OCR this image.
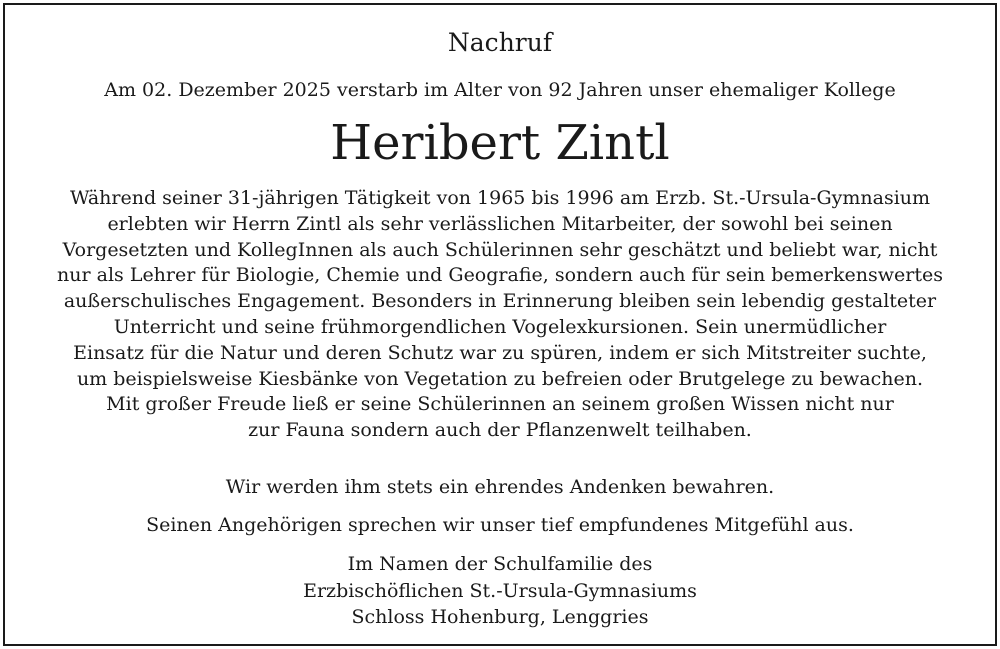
Nachruf

Am 02. Dezember 2025 verstarb im Alter von 92 Jahren unser ehemaliger Kollege

Heribert Zintl
Während seiner 31-jährigen Tätigkeit von 1965 bis 1996 am Erzb. St.-Ursula-Gymnasium
erlebten wir Herrn Zintl als sehr verlässlichen Mitarbeiter, der sowohl bei seinen
Vorgesetzten und KollegInnen als auch Schülerinnen sehr geschätzt und beliebt war, nicht
nur als Lehrer für Biologie, Chemie und Geografie, sondern auch für sein bemerkenswertes
außerschulisches Engagement. Besonders in Erinnerung bleiben sein lebendig gestalteter
Unterricht und seine frühmorgendlichen Vogelexkursionen. Sein unermüdlicher
Einsatz für die Natur und deren Schutz war zu spüren, indem er sich Mitstreiter suchte,
um beispielsweise Kiesbänke von Vegetation zu befreien oder Brutgelege zu bewachen.
Mit großer Freude ließ er seine Schülerinnen an seinem großen Wissen nicht nur
zur Fauna sondern auch der Pflanzenwelt teilhaben.

Wir werden ihm stets ein ehrendes Andenken bewahren.

Seinen Angehörigen sprechen wir unser tief empfundenes Mitgefühl aus.

Im Namen der Schulfamilie des
Erzbischöflichen St.-Ursula-Gymnasiums
Schloss Hohenburg, Lenggries
